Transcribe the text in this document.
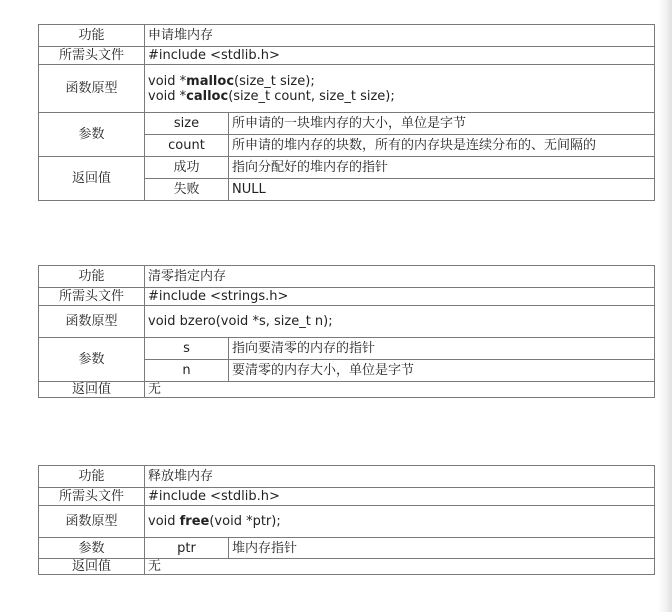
功能	申请堆内存	
所需头文件	#include <stdlib.h>	
函数原型	void *malloc(size_t size);
void *calloc(size_t count, size_t size);	

参数	size	所申请的一块堆内存的大小，单位是字节
	count	所申请的堆内存的块数，所有的内存块是连续分布的、无间隔的
返回值	成功	指向分配好的堆内存的指针
	失败	NULL
功能	清零指定内存	
所需头文件	#include <strings.h>	
函数原型	void bzero(void *s, size_t n);	
参数	s	指向要清零的内存的指针
	n	要清零的内存大小，单位是字节
返回值	无	
功能	释放堆内存	
所需头文件	#include <stdlib.h>	
函数原型	void free(void *ptr);	
参数	ptr	堆内存指针
返回值	无	
